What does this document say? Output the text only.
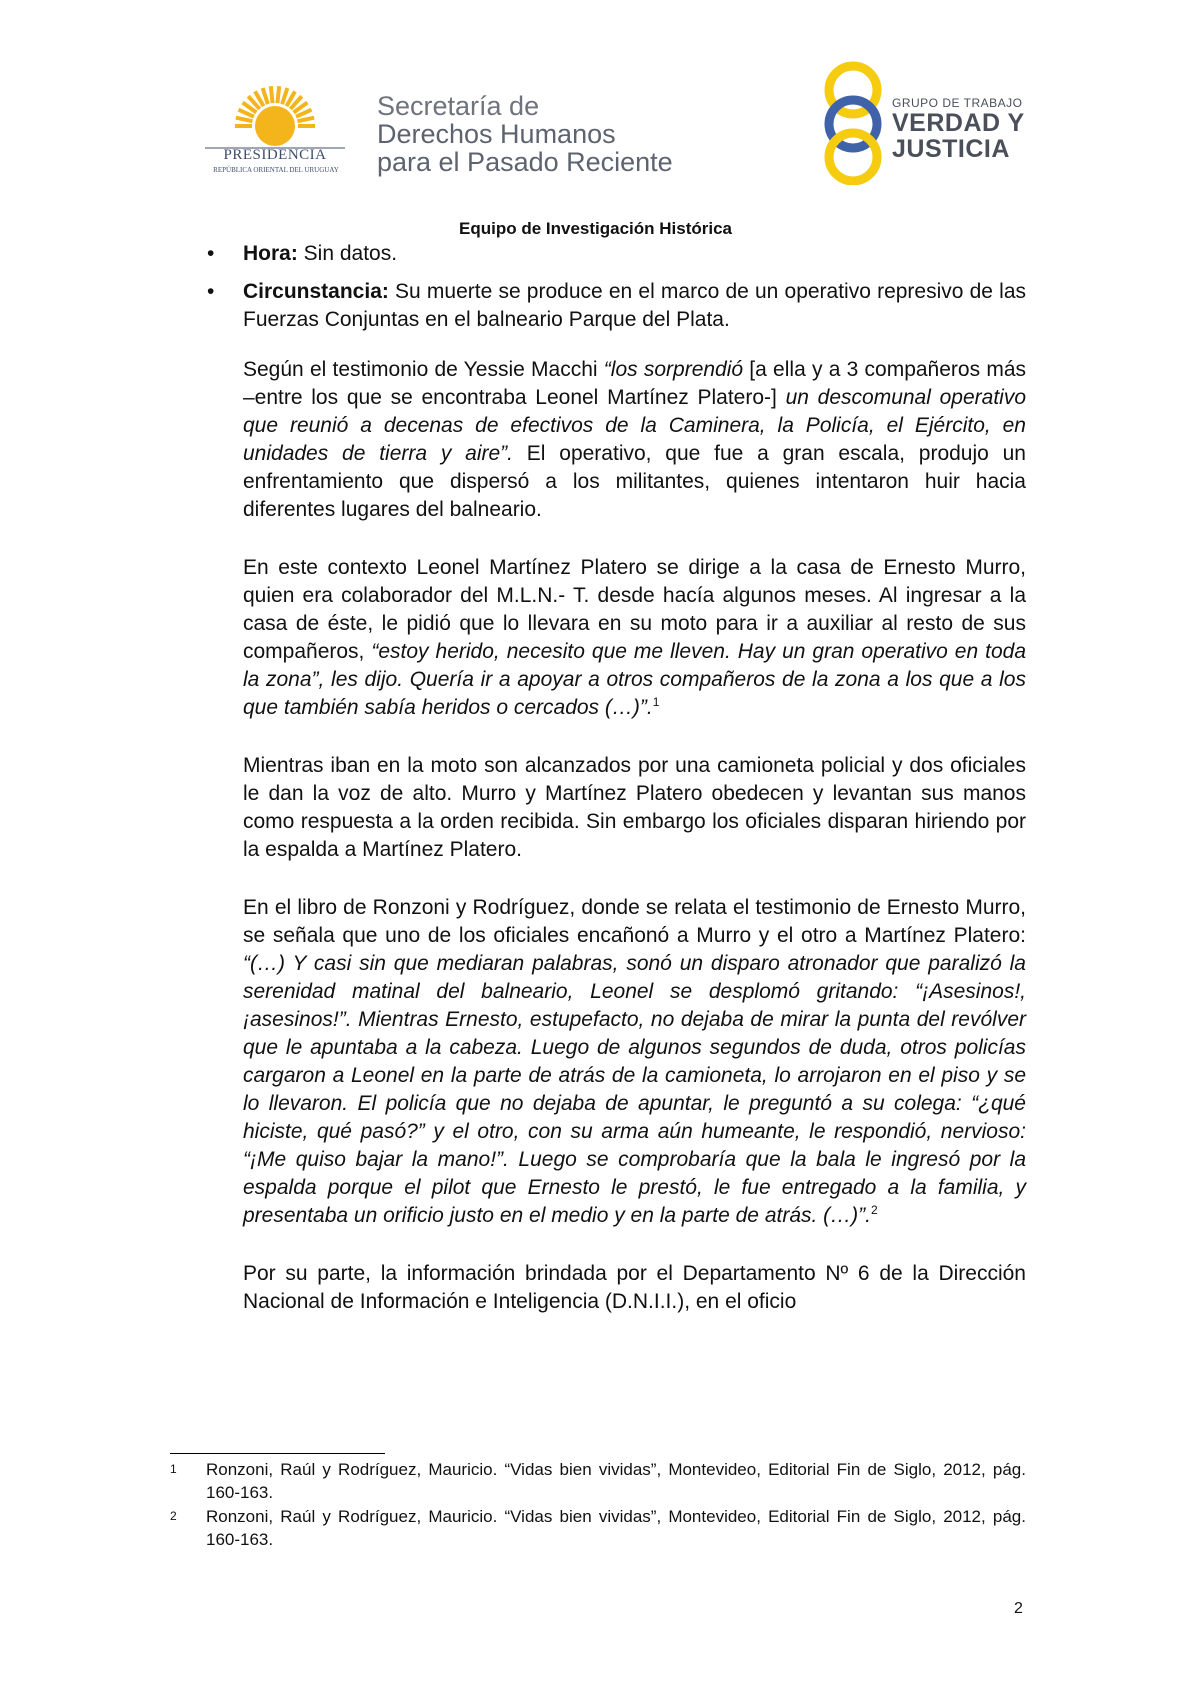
PRESIDENCIA
REPÚBLICA ORIENTAL DEL URUGUAY
Secretaría de
Derechos Humanos
para el Pasado Reciente
GRUPO DE TRABAJO
VERDAD Y
JUSTICIA
Equipo de Investigación Histórica
• Hora: Sin datos.

• Circunstancia: Su muerte se produce en el marco de un operativo represivo de las Fuerzas Conjuntas en el balneario Parque del Plata.

Según el testimonio de Yessie Macchi “los sorprendió [a ella y a 3 compañeros más –entre los que se encontraba Leonel Martínez Platero-] un descomunal operativo que reunió a decenas de efectivos de la Caminera, la Policía, el Ejército, en unidades de tierra y aire”. El operativo, que fue a gran escala, produjo un enfrentamiento que dispersó a los militantes, quienes intentaron huir hacia diferentes lugares del balneario.

En este contexto Leonel Martínez Platero se dirige a la casa de Ernesto Murro, quien era colaborador del M.L.N.- T. desde hacía algunos meses. Al ingresar a la casa de éste, le pidió que lo llevara en su moto para ir a auxiliar al resto de sus compañeros, “estoy herido, necesito que me lleven. Hay un gran operativo en toda la zona”, les dijo. Quería ir a apoyar a otros compañeros de la zona a los que a los que también sabía heridos o cercados (…)”.$^1$

Mientras iban en la moto son alcanzados por una camioneta policial y dos oficiales le dan la voz de alto. Murro y Martínez Platero obedecen y levantan sus manos como respuesta a la orden recibida. Sin embargo los oficiales disparan hiriendo por la espalda a Martínez Platero.

En el libro de Ronzoni y Rodríguez, donde se relata el testimonio de Ernesto Murro, se señala que uno de los oficiales encañonó a Murro y el otro a Martínez Platero: “(…) Y casi sin que mediaran palabras, sonó un disparo atronador que paralizó la serenidad matinal del balneario, Leonel se desplomó gritando: “¡Asesinos!, ¡asesinos!”. Mientras Ernesto, estupefacto, no dejaba de mirar la punta del revólver que le apuntaba a la cabeza. Luego de algunos segundos de duda, otros policías cargaron a Leonel en la parte de atrás de la camioneta, lo arrojaron en el piso y se lo llevaron. El policía que no dejaba de apuntar, le preguntó a su colega: “¿qué hiciste, qué pasó?” y el otro, con su arma aún humeante, le respondió, nervioso: “¡Me quiso bajar la mano!”. Luego se comprobaría que la bala le ingresó por la espalda porque el pilot que Ernesto le prestó, le fue entregado a la familia, y presentaba un orificio justo en el medio y en la parte de atrás. (…)”.$^2$

Por su parte, la información brindada por el Departamento Nº 6 de la Dirección Nacional de Información e Inteligencia (D.N.I.I.), en el oficio

1 Ronzoni, Raúl y Rodríguez, Mauricio. “Vidas bien vividas”, Montevideo, Editorial Fin de Siglo, 2012, pág. 160-163.
2 Ronzoni, Raúl y Rodríguez, Mauricio. “Vidas bien vividas”, Montevideo, Editorial Fin de Siglo, 2012, pág. 160-163.
2
